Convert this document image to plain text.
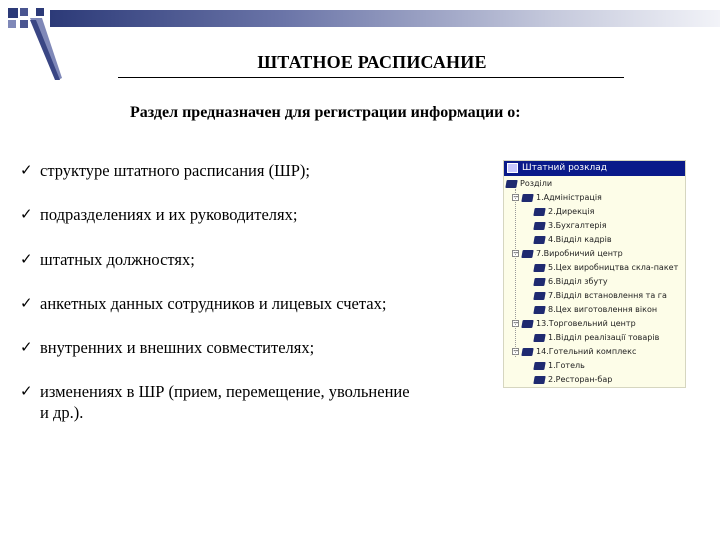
ШТАТНОЕ РАСПИСАНИЕ
Раздел предназначен для регистрации информации о:
✓ структуре штатного расписания (ШР);
✓ подразделениях и их руководителях;
✓ штатных должностях;
✓ анкетных данных сотрудников и лицевых счетах;
✓ внутренних и внешних совместителях;
✓ изменениях в ШР (прием, перемещение, увольнение и др.).
Штатний розклад
Розділи
− 1.Адміністрація
2.Дирекція
3.Бухгалтерія
4.Відділ кадрів
− 7.Виробничий центр
5.Цех виробництва скла-пакет
6.Відділ збуту
7.Відділ встановлення та га
8.Цех виготовлення вікон
− 13.Торговельний центр
1.Відділ реалізації товарів
− 14.Готельний комплекс
1.Готель
2.Ресторан-бар
